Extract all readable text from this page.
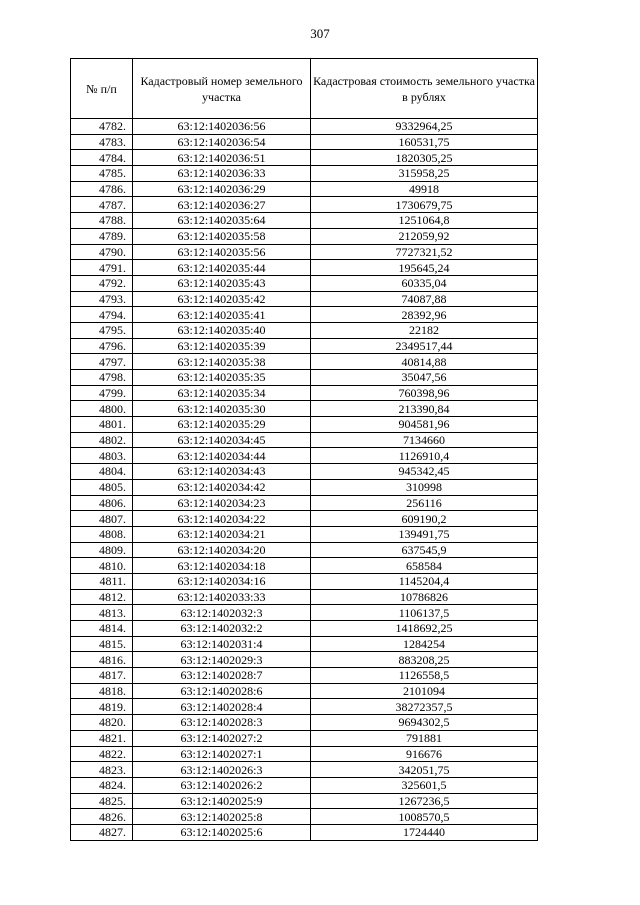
307
№ п/п	Кадастровый номер земельного участка	Кадастровая стоимость земельного участка в рублях
4782.	63:12:1402036:56	9332964,25
4783.	63:12:1402036:54	160531,75
4784.	63:12:1402036:51	1820305,25
4785.	63:12:1402036:33	315958,25
4786.	63:12:1402036:29	49918
4787.	63:12:1402036:27	1730679,75
4788.	63:12:1402035:64	1251064,8
4789.	63:12:1402035:58	212059,92
4790.	63:12:1402035:56	7727321,52
4791.	63:12:1402035:44	195645,24
4792.	63:12:1402035:43	60335,04
4793.	63:12:1402035:42	74087,88
4794.	63:12:1402035:41	28392,96
4795.	63:12:1402035:40	22182
4796.	63:12:1402035:39	2349517,44
4797.	63:12:1402035:38	40814,88
4798.	63:12:1402035:35	35047,56
4799.	63:12:1402035:34	760398,96
4800.	63:12:1402035:30	213390,84
4801.	63:12:1402035:29	904581,96
4802.	63:12:1402034:45	7134660
4803.	63:12:1402034:44	1126910,4
4804.	63:12:1402034:43	945342,45
4805.	63:12:1402034:42	310998
4806.	63:12:1402034:23	256116
4807.	63:12:1402034:22	609190,2
4808.	63:12:1402034:21	139491,75
4809.	63:12:1402034:20	637545,9
4810.	63:12:1402034:18	658584
4811.	63:12:1402034:16	1145204,4
4812.	63:12:1402033:33	10786826
4813.	63:12:1402032:3	1106137,5
4814.	63:12:1402032:2	1418692,25
4815.	63:12:1402031:4	1284254
4816.	63:12:1402029:3	883208,25
4817.	63:12:1402028:7	1126558,5
4818.	63:12:1402028:6	2101094
4819.	63:12:1402028:4	38272357,5
4820.	63:12:1402028:3	9694302,5
4821.	63:12:1402027:2	791881
4822.	63:12:1402027:1	916676
4823.	63:12:1402026:3	342051,75
4824.	63:12:1402026:2	325601,5
4825.	63:12:1402025:9	1267236,5
4826.	63:12:1402025:8	1008570,5
4827.	63:12:1402025:6	1724440
